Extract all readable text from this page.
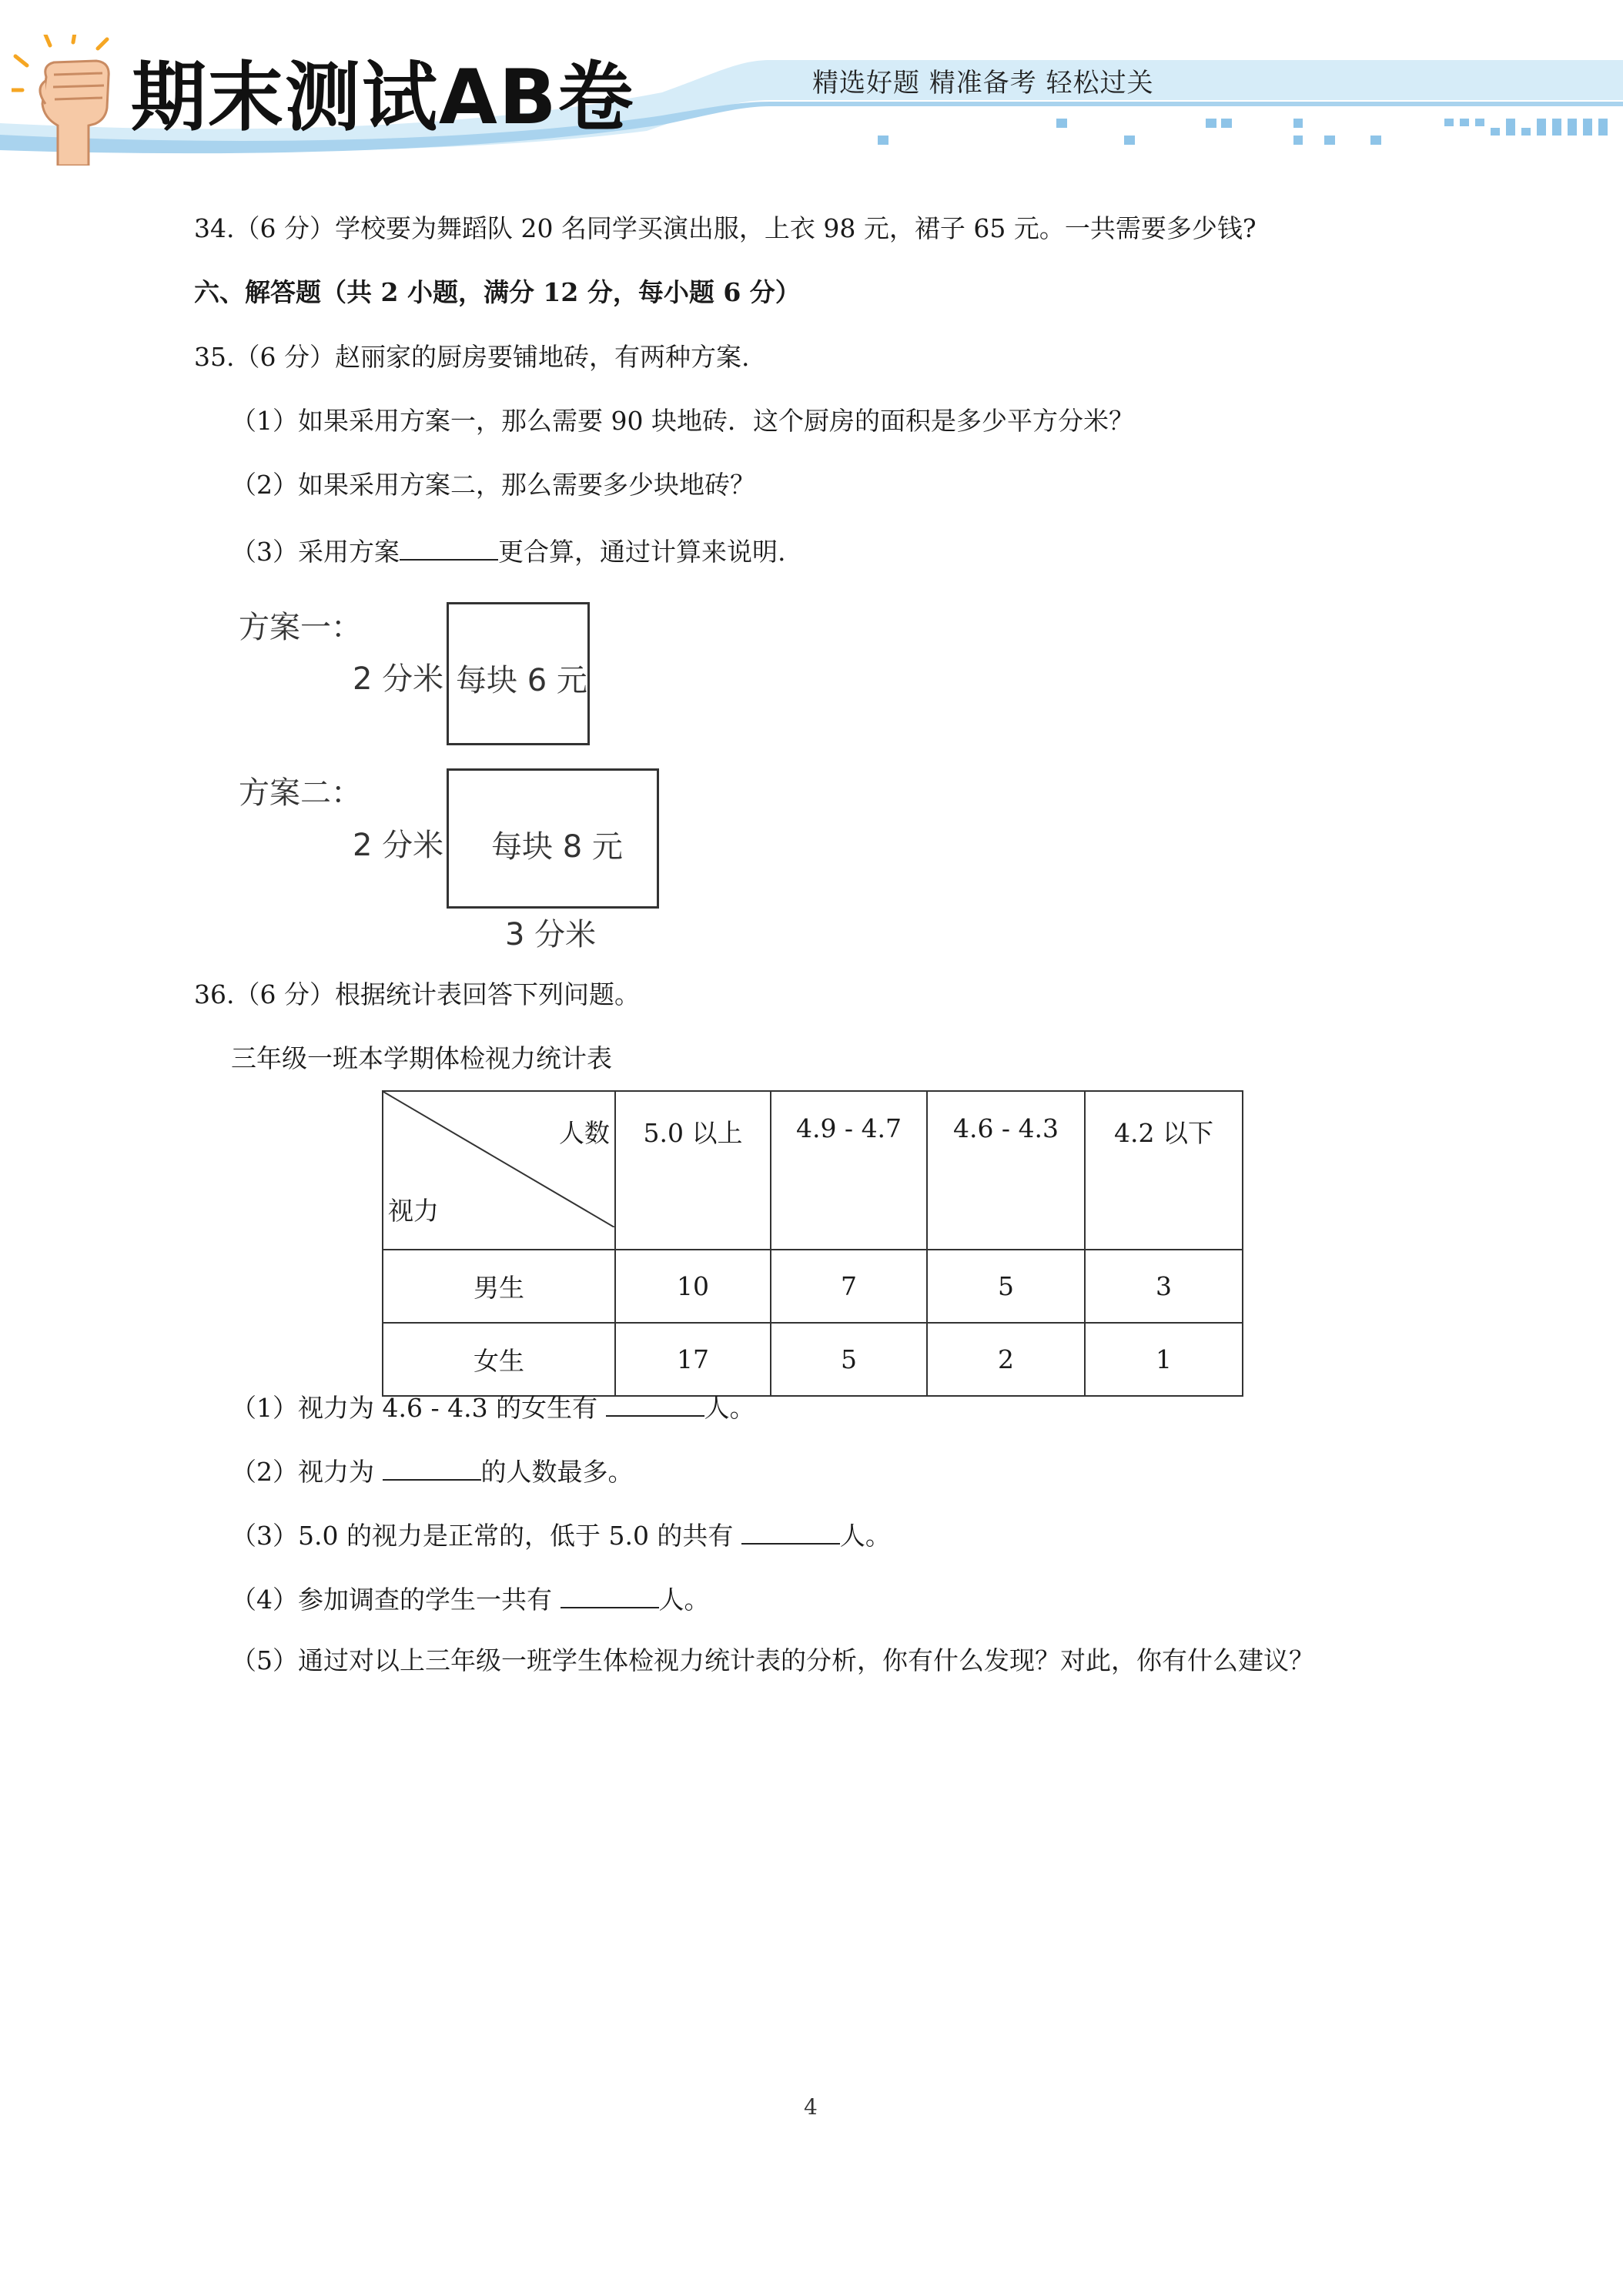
期末测试AB卷	精选好题 精准备考 轻松过关
34.（6 分）学校要为舞蹈队 20 名同学买演出服，上衣 98 元，裙子 65 元。一共需要多少钱?
六、解答题（共 2 小题，满分 12 分，每小题 6 分）
35.（6 分）赵丽家的厨房要铺地砖，有两种方案.
（1）如果采用方案一，那么需要 90 块地砖．这个厨房的面积是多少平方分米？
（2）如果采用方案二，那么需要多少块地砖？
（3）采用方案	更合算，通过计算来说明.
方案一：
2 分米 每块 6 元
方案二：
2 分米 每块 8 元
3 分米
36.（6 分）根据统计表回答下列问题。
三年级一班本学期体检视力统计表
人数
视力	5.0 以上	4.9 - 4.7	4.6 - 4.3	4.2 以下
男生	10	7	5	3
女生	17	5	2	1
（1）视力为 4.6 - 4.3 的女生有	人。
（2）视力为	的人数最多。
（3）5.0 的视力是正常的，低于 5.0 的共有	人。
（4）参加调查的学生一共有	人。
（5）通过对以上三年级一班学生体检视力统计表的分析，你有什么发现？对此，你有什么建议？
4
